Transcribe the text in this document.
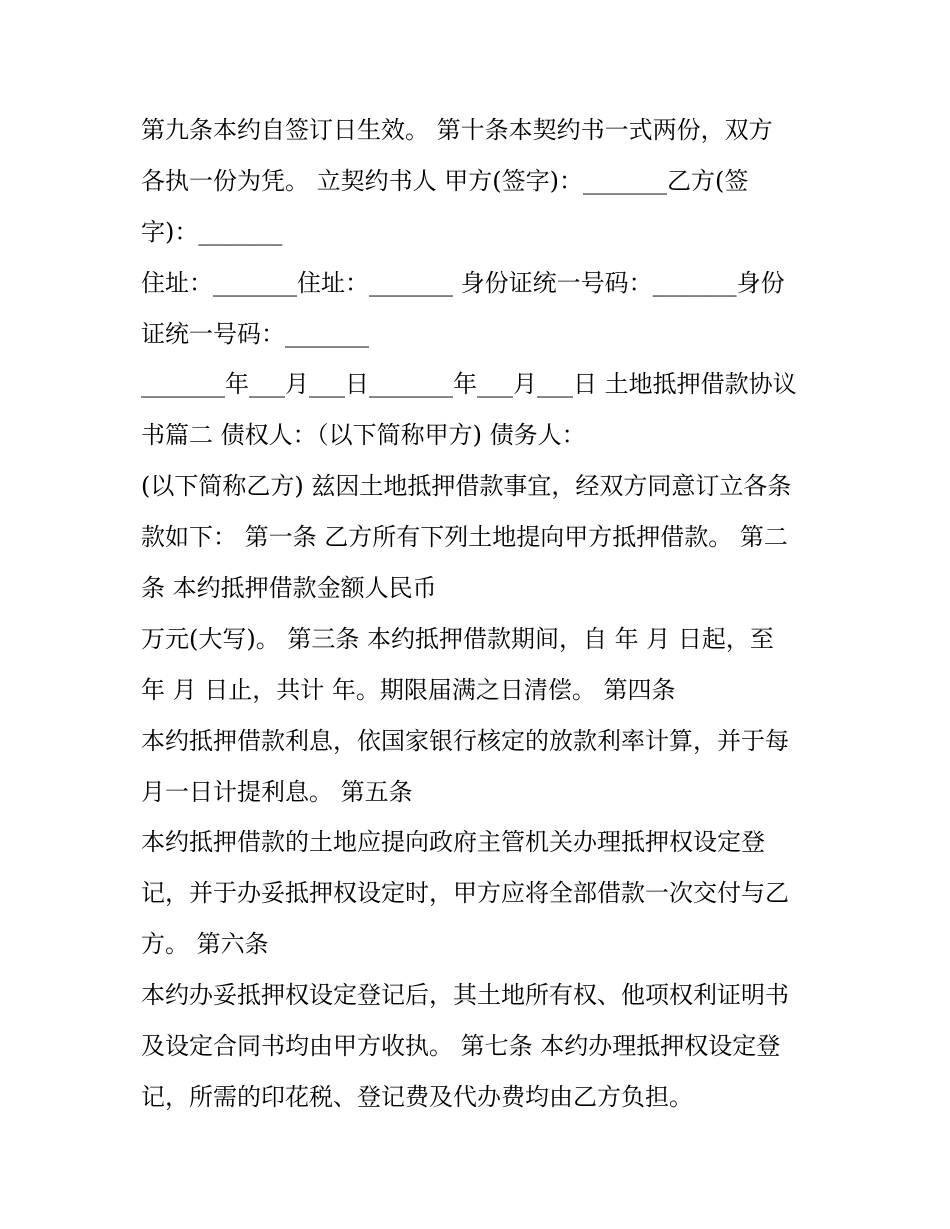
第九条本约自签订日生效。 第十条本契约书一式两份，双方
各执一份为凭。 立契约书人 甲方(签字)：_______乙方(签
字)：_______
住址：_______住址：_______ 身份证统一号码：_______身份
证统一号码：_______
_______年___月___日_______年___月___日 土地抵押借款协议
书篇二 债权人：（以下简称甲方) 债务人：
(以下简称乙方) 兹因土地抵押借款事宜，经双方同意订立各条
款如下： 第一条 乙方所有下列土地提向甲方抵押借款。 第二
条 本约抵押借款金额人民币
万元(大写)。 第三条 本约抵押借款期间，自 年 月 日起，至
年 月 日止，共计 年。期限届满之日清偿。 第四条
本约抵押借款利息，依国家银行核定的放款利率计算，并于每
月一日计提利息。 第五条
本约抵押借款的土地应提向政府主管机关办理抵押权设定登
记，并于办妥抵押权设定时，甲方应将全部借款一次交付与乙
方。 第六条
本约办妥抵押权设定登记后，其土地所有权、他项权利证明书
及设定合同书均由甲方收执。 第七条 本约办理抵押权设定登
记，所需的印花税、登记费及代办费均由乙方负担。
